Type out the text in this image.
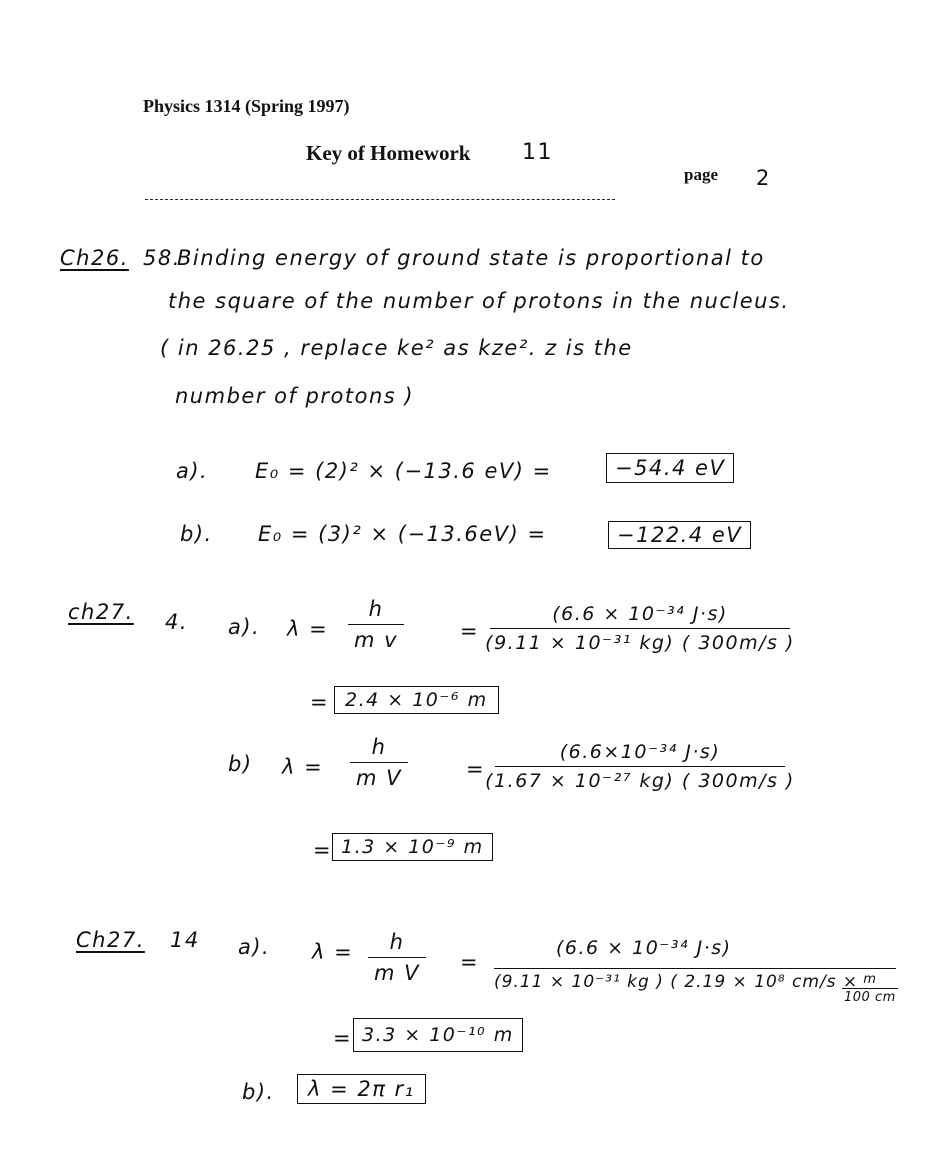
Physics 1314 (Spring 1997)
Key of Homework 11
page 2
Ch26. 58.
Binding energy of ground state is proportional to
the square of the number of protons in the nucleus.
( in 26.25 , replace ke² as kze². z is the
number of protons )
a). E₀ = (2)² × (−13.6 eV) =	−54.4 eV
b). E₀ = (3)² × (−13.6eV) =	−122.4 eV
ch27. 4. a). λ =
h
m v	=
(6.6 × 10⁻³⁴ J·s)
(9.11 × 10⁻³¹ kg) ( 300m/s )
= 2.4 × 10⁻⁶ m
b) λ =
h
m V	=
(6.6×10⁻³⁴ J·s)
(1.67 × 10⁻²⁷ kg) ( 300m/s )
= 1.3 × 10⁻⁹ m
Ch27. 14 a). λ = h
m V =
(6.6 × 10⁻³⁴ J·s)
(9.11 × 10⁻³¹ kg ) ( 2.19 × 10⁸ cm/s × m
100 cm
= 3.3 × 10⁻¹⁰ m
b).	λ = 2π r₁
